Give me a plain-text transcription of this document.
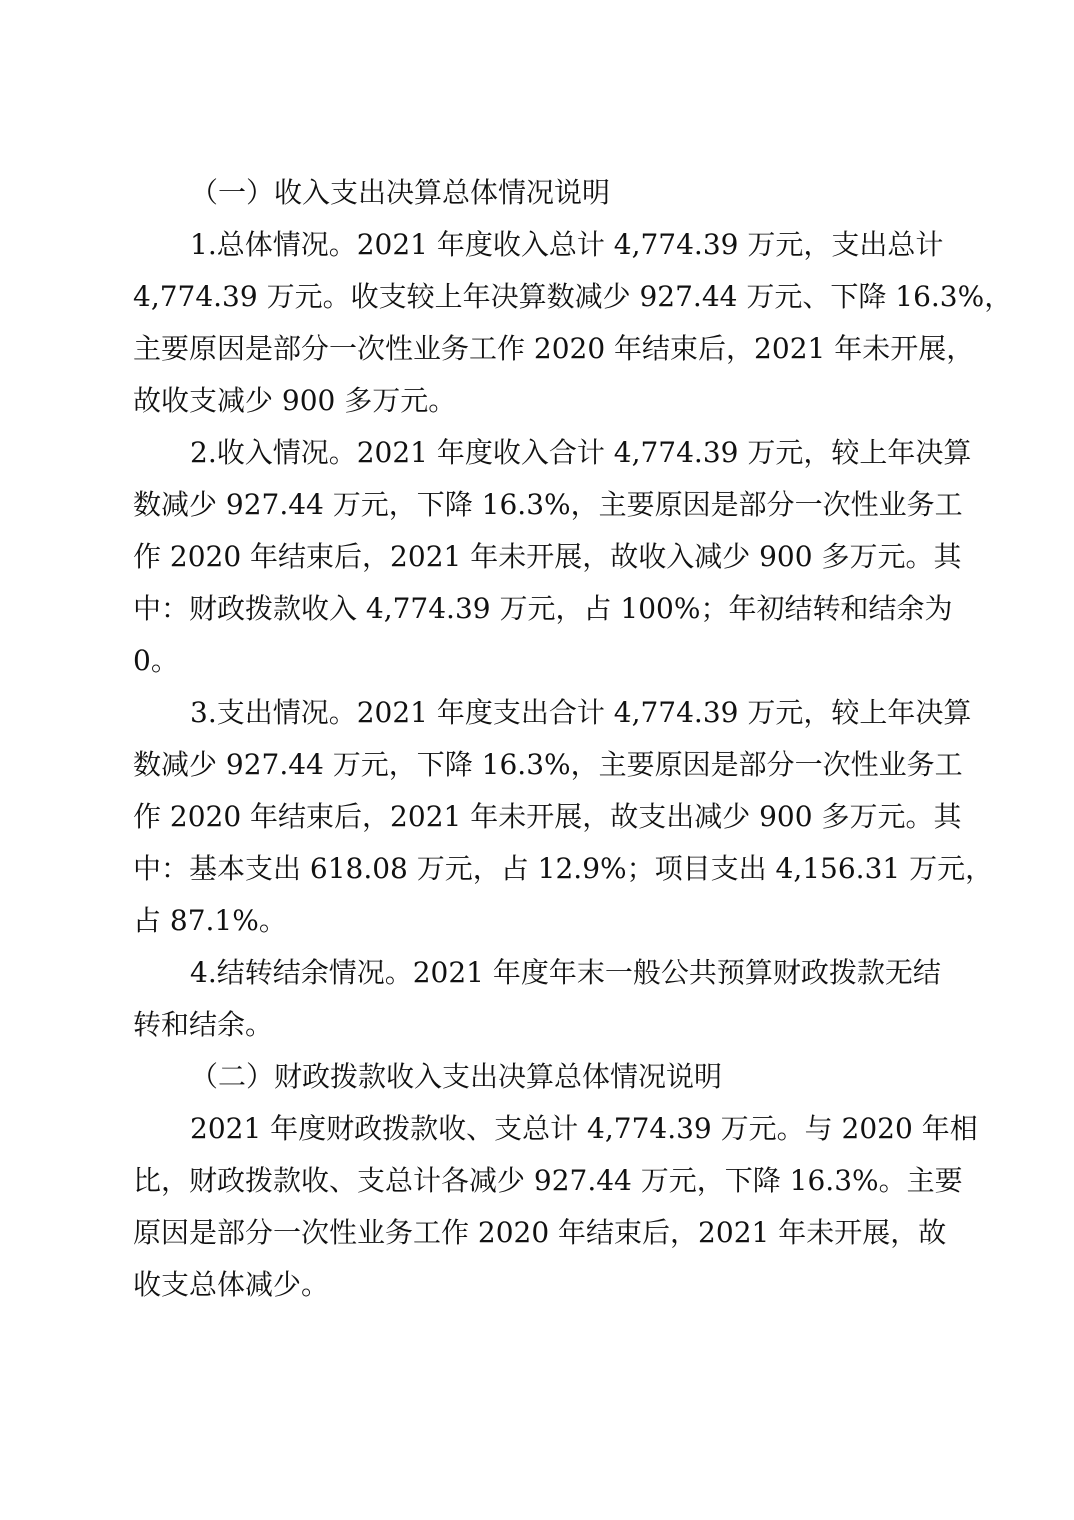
（一）收入支出决算总体情况说明
1.总体情况。2021 年度收入总计 4,774.39 万元，支出总计
4,774.39 万元。收支较上年决算数减少 927.44 万元、下降 16.3%，
主要原因是部分一次性业务工作 2020 年结束后，2021 年未开展，
故收支减少 900 多万元。
2.收入情况。2021 年度收入合计 4,774.39 万元，较上年决算
数减少 927.44 万元，下降 16.3%，主要原因是部分一次性业务工
作 2020 年结束后，2021 年未开展，故收入减少 900 多万元。其
中：财政拨款收入 4,774.39 万元，占 100%；年初结转和结余为
0。
3.支出情况。2021 年度支出合计 4,774.39 万元，较上年决算
数减少 927.44 万元，下降 16.3%，主要原因是部分一次性业务工
作 2020 年结束后，2021 年未开展，故支出减少 900 多万元。其
中：基本支出 618.08 万元，占 12.9%；项目支出 4,156.31 万元，
占 87.1%。
4.结转结余情况。2021 年度年末一般公共预算财政拨款无结
转和结余。
（二）财政拨款收入支出决算总体情况说明
2021 年度财政拨款收、支总计 4,774.39 万元。与 2020 年相
比，财政拨款收、支总计各减少 927.44 万元，下降 16.3%。主要
原因是部分一次性业务工作 2020 年结束后，2021 年未开展，故
收支总体减少。
